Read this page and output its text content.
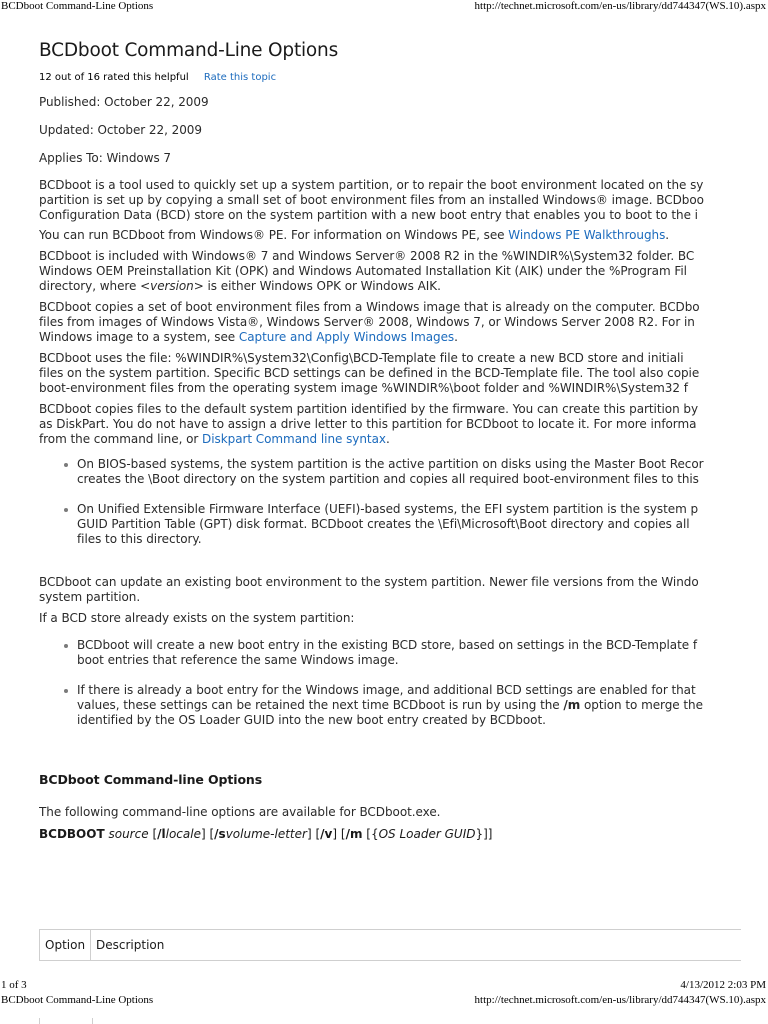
BCDboot Command-Line Options	http://technet.microsoft.com/en-us/library/dd744347(WS.10).aspx
BCDboot Command-Line Options
12 out of 16 rated this helpful Rate this topic
Published: October 22, 2009
Updated: October 22, 2009
Applies To: Windows 7
BCDboot is a tool used to quickly set up a system partition, or to repair the boot environment located on the sy
partition is set up by copying a small set of boot environment files from an installed Windows® image. BCDboo
Configuration Data (BCD) store on the system partition with a new boot entry that enables you to boot to the i
You can run BCDboot from Windows® PE. For information on Windows PE, see Windows PE Walkthroughs.
BCDboot is included with Windows® 7 and Windows Server® 2008 R2 in the %WINDIR%\System32 folder. BC
Windows OEM Preinstallation Kit (OPK) and Windows Automated Installation Kit (AIK) under the %Program Fil
directory, where <version> is either Windows OPK or Windows AIK.
BCDboot copies a set of boot environment files from a Windows image that is already on the computer. BCDbo
files from images of Windows Vista®, Windows Server® 2008, Windows 7, or Windows Server 2008 R2. For in
Windows image to a system, see Capture and Apply Windows Images.
BCDboot uses the file: %WINDIR%\System32\Config\BCD-Template file to create a new BCD store and initiali
files on the system partition. Specific BCD settings can be defined in the BCD-Template file. The tool also copie
boot-environment files from the operating system image %WINDIR%\boot folder and %WINDIR%\System32 f
BCDboot copies files to the default system partition identified by the firmware. You can create this partition by
as DiskPart. You do not have to assign a drive letter to this partition for BCDboot to locate it. For more informa
from the command line, or Diskpart Command line syntax.
On BIOS-based systems, the system partition is the active partition on disks using the Master Boot Recor
creates the \Boot directory on the system partition and copies all required boot-environment files to this
On Unified Extensible Firmware Interface (UEFI)-based systems, the EFI system partition is the system p
GUID Partition Table (GPT) disk format. BCDboot creates the \Efi\Microsoft\Boot directory and copies all
files to this directory.
BCDboot can update an existing boot environment to the system partition. Newer file versions from the Windo
system partition.
If a BCD store already exists on the system partition:
BCDboot will create a new boot entry in the existing BCD store, based on settings in the BCD-Template f
boot entries that reference the same Windows image.
If there is already a boot entry for the Windows image, and additional BCD settings are enabled for that
values, these settings can be retained the next time BCDboot is run by using the /m option to merge the
identified by the OS Loader GUID into the new boot entry created by BCDboot.
BCDboot Command-line Options
The following command-line options are available for BCDboot.exe.
BCDBOOT source [/llocale] [/svolume-letter] [/v] [/m [{OS Loader GUID}]]
Option Description
1 of 3	4/13/2012 2:03 PM
BCDboot Command-Line Options	http://technet.microsoft.com/en-us/library/dd744347(WS.10).aspx
